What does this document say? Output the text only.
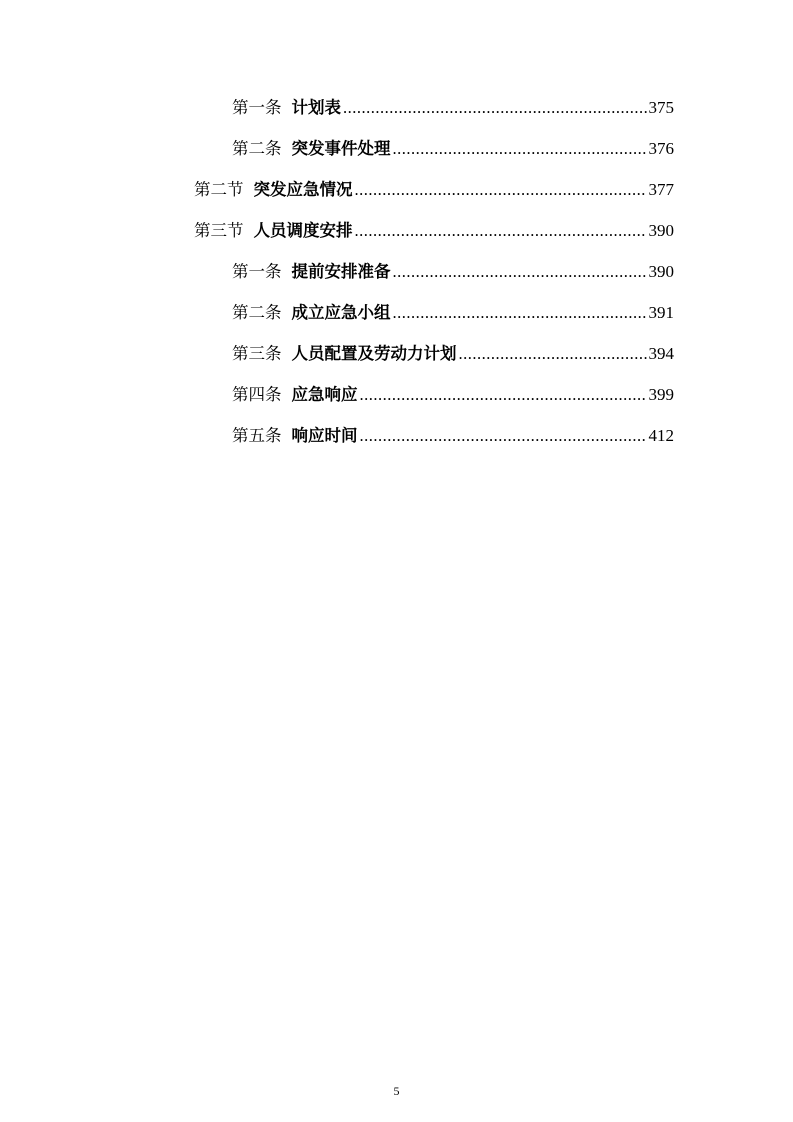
第一条 计划表 .....	375
第二条 突发事件处理 .....	376
第二节 突发应急情况 .....	377
第三节 人员调度安排 .....	390
第一条 提前安排准备 .....	390
第二条 成立应急小组 .....	391
第三条 人员配置及劳动力计划 .....	394
第四条 应急响应 .....	399
第五条 响应时间 .....	412
5
